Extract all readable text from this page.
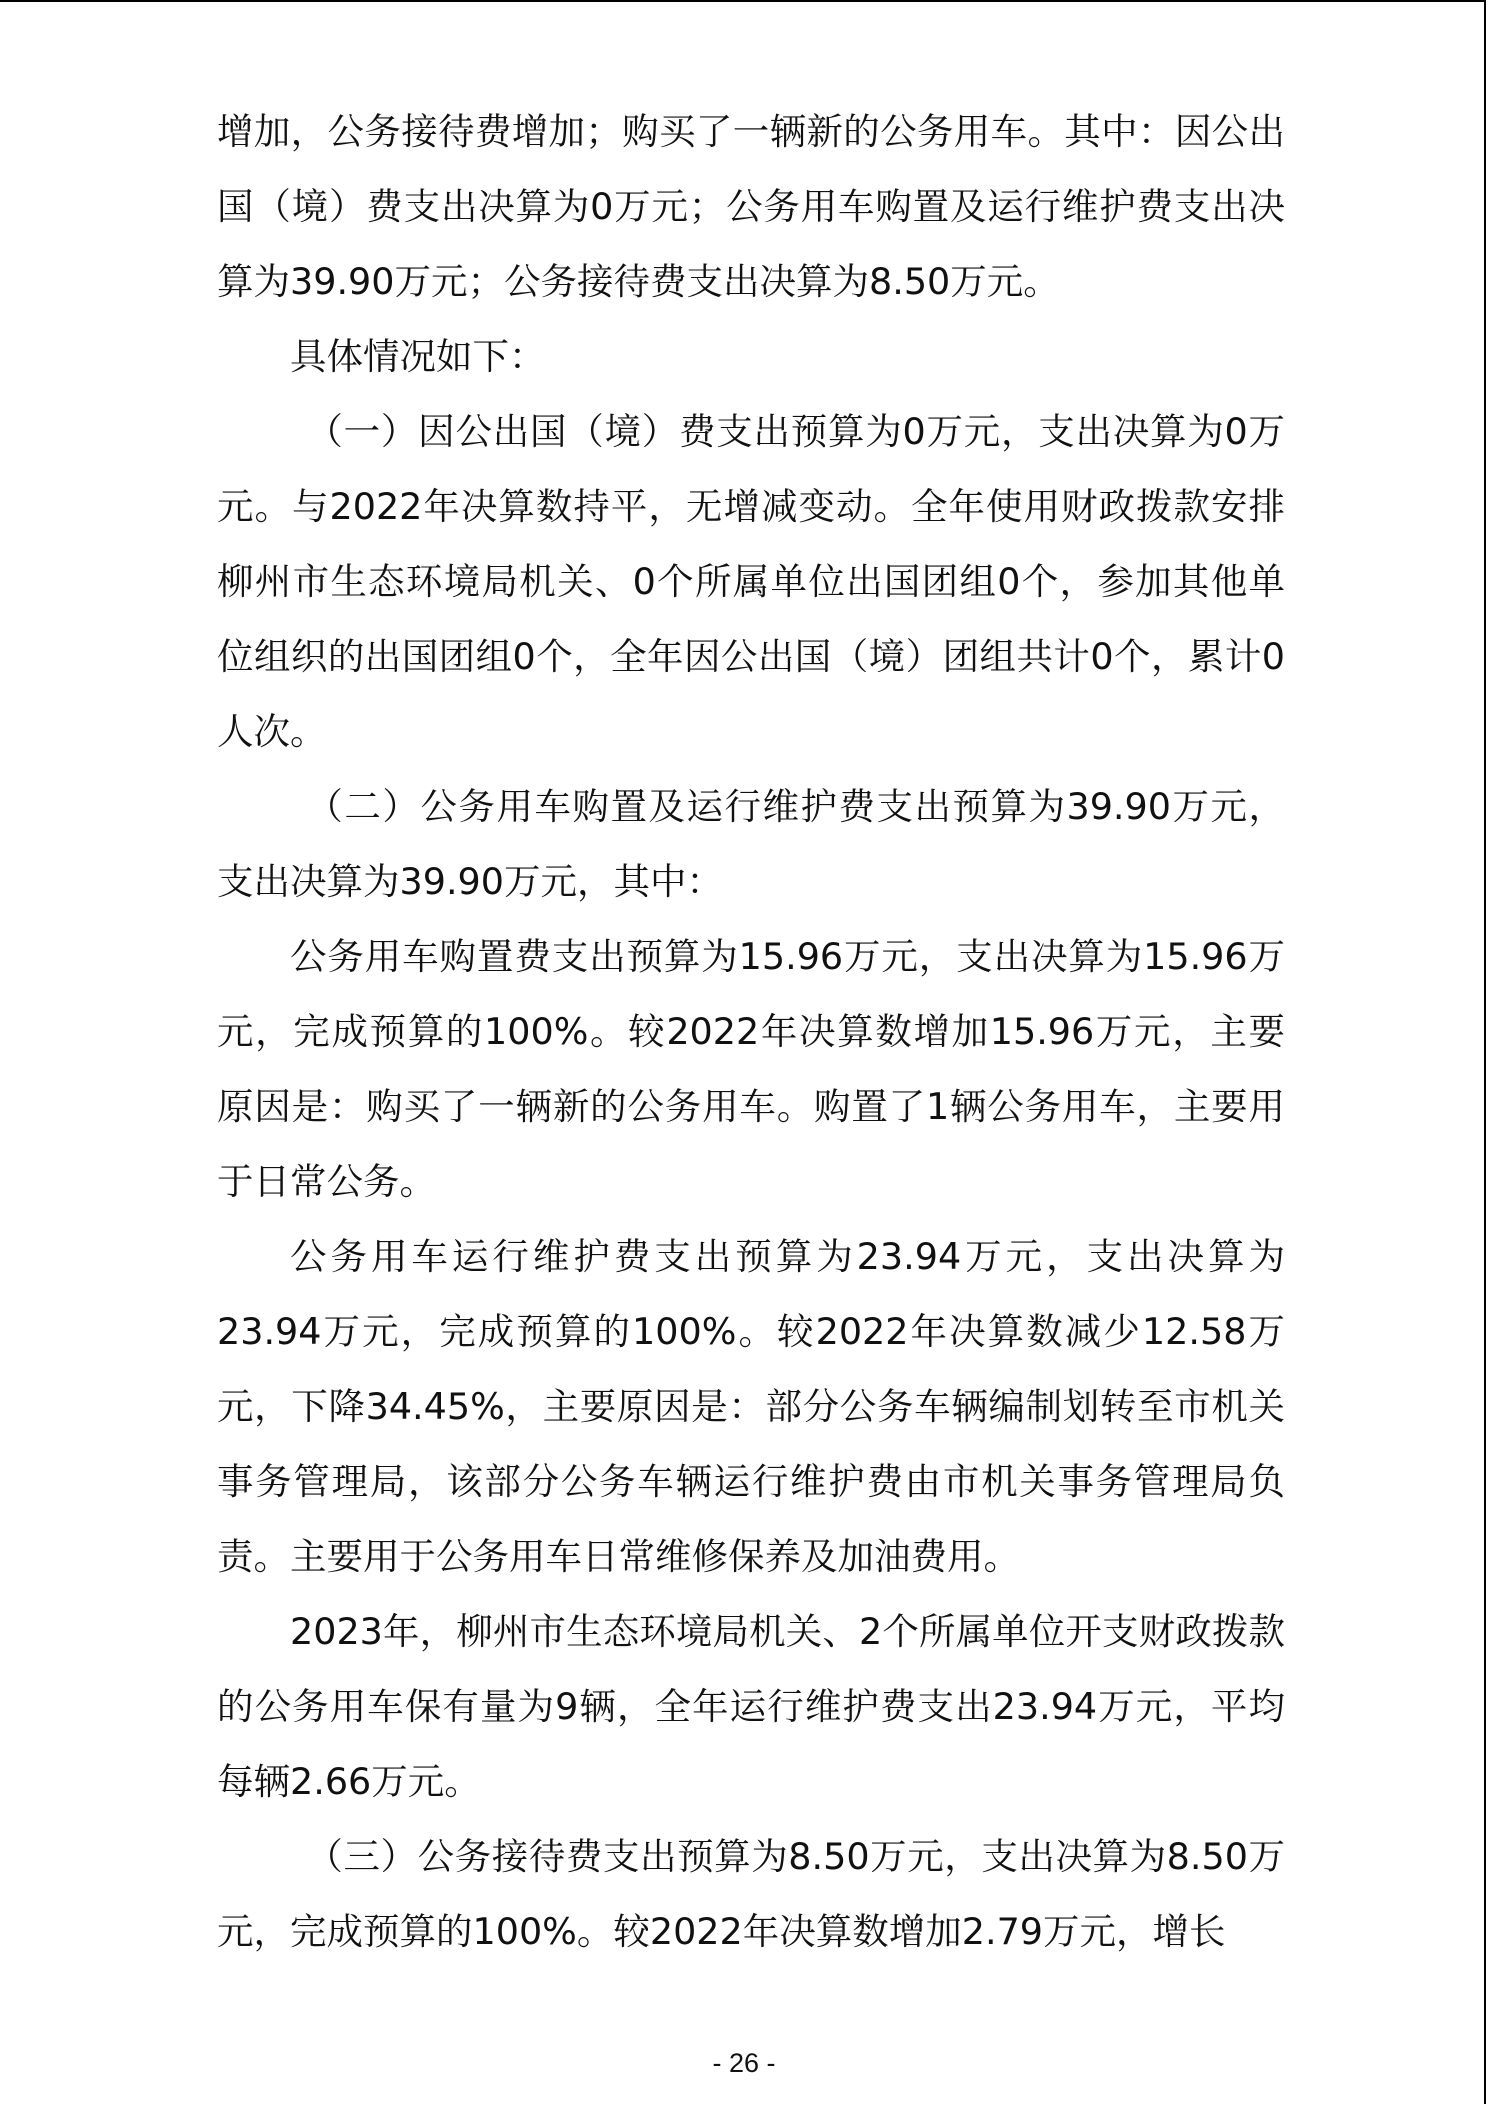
增加，公务接待费增加；购买了一辆新的公务用车。其中：因公出国（境）费支出决算为0万元；公务用车购置及运行维护费支出决算为39.90万元；公务接待费支出决算为8.50万元。

具体情况如下：

（一）因公出国（境）费支出预算为0万元，支出决算为0万元。与2022年决算数持平，无增减变动。全年使用财政拨款安排柳州市生态环境局机关、0个所属单位出国团组0个，参加其他单位组织的出国团组0个，全年因公出国（境）团组共计0个，累计0人次。

（二）公务用车购置及运行维护费支出预算为39.90万元，支出决算为39.90万元，其中：

公务用车购置费支出预算为15.96万元，支出决算为15.96万元，完成预算的100%。较2022年决算数增加15.96万元，主要原因是：购买了一辆新的公务用车。购置了1辆公务用车，主要用于日常公务。

公务用车运行维护费支出预算为23.94万元，支出决算为23.94万元，完成预算的100%。较2022年决算数减少12.58万元，下降34.45%，主要原因是：部分公务车辆编制划转至市机关事务管理局，该部分公务车辆运行维护费由市机关事务管理局负责。主要用于公务用车日常维修保养及加油费用。

2023年，柳州市生态环境局机关、2个所属单位开支财政拨款的公务用车保有量为9辆，全年运行维护费支出23.94万元，平均每辆2.66万元。

（三）公务接待费支出预算为8.50万元，支出决算为8.50万元，完成预算的100%。较2022年决算数增加2.79万元，增长

- 26 -
